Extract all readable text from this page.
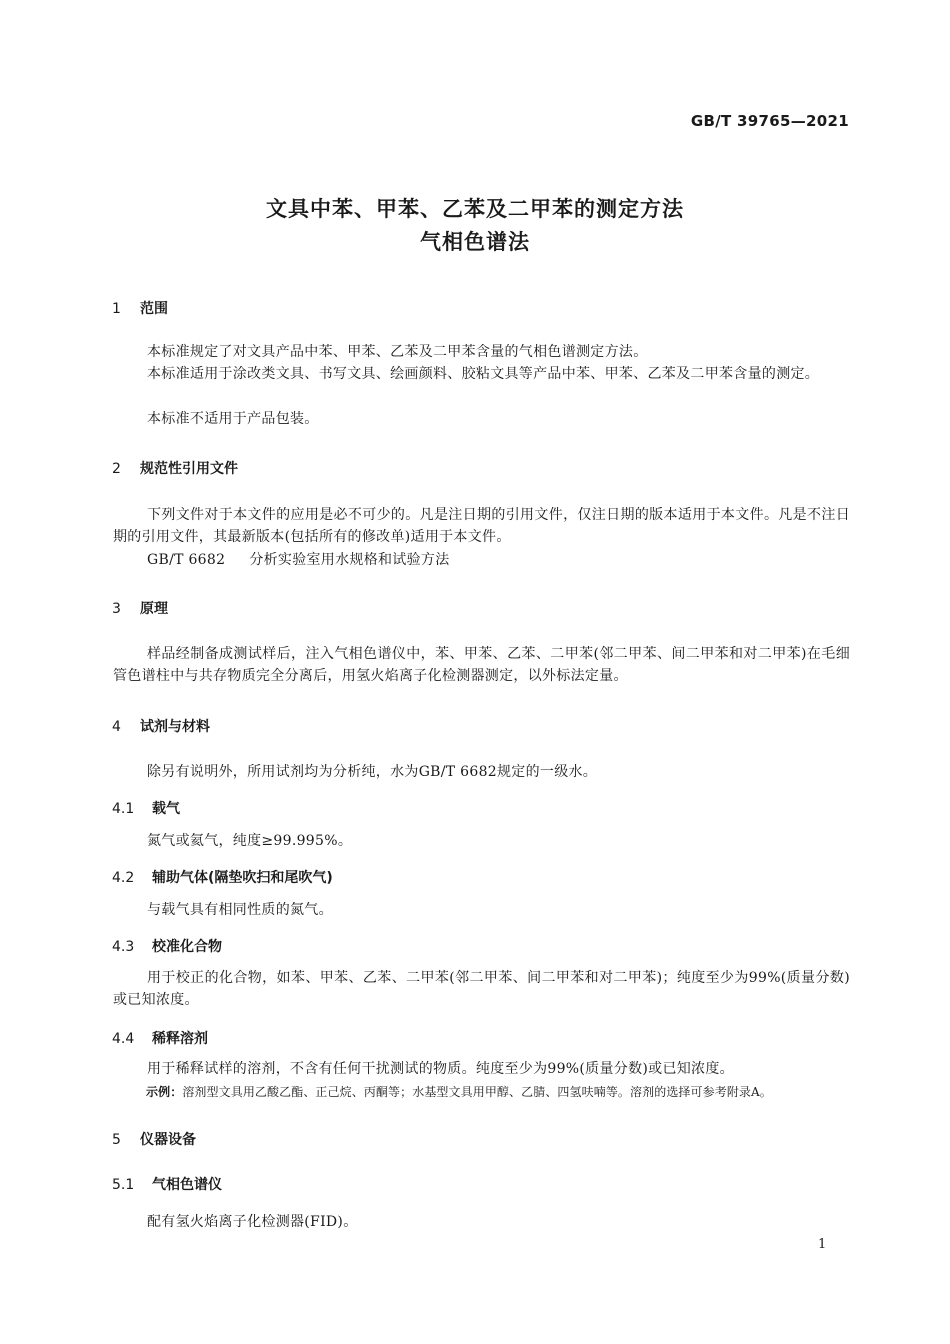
GB/T 39765—2021
文具中苯、甲苯、乙苯及二甲苯的测定方法
气相色谱法
1 范围
本标准规定了对文具产品中苯、甲苯、乙苯及二甲苯含量的气相色谱测定方法。
本标准适用于涂改类文具、书写文具、绘画颜料、胶粘文具等产品中苯、甲苯、乙苯及二甲苯含量的测定。
本标准不适用于产品包装。
2 规范性引用文件
下列文件对于本文件的应用是必不可少的。凡是注日期的引用文件，仅注日期的版本适用于本文件。凡是不注日期的引用文件，其最新版本(包括所有的修改单)适用于本文件。
GB/T 6682 分析实验室用水规格和试验方法
3 原理
样品经制备成测试样后，注入气相色谱仪中，苯、甲苯、乙苯、二甲苯(邻二甲苯、间二甲苯和对二甲苯)在毛细管色谱柱中与共存物质完全分离后，用氢火焰离子化检测器测定，以外标法定量。
4 试剂与材料
除另有说明外，所用试剂均为分析纯，水为GB/T 6682规定的一级水。
4.1 载气
氮气或氦气，纯度≥99.995%。
4.2 辅助气体(隔垫吹扫和尾吹气)
与载气具有相同性质的氮气。
4.3 校准化合物
用于校正的化合物，如苯、甲苯、乙苯、二甲苯(邻二甲苯、间二甲苯和对二甲苯)；纯度至少为99%(质量分数)或已知浓度。
4.4 稀释溶剂
用于稀释试样的溶剂，不含有任何干扰测试的物质。纯度至少为99%(质量分数)或已知浓度。
示例：溶剂型文具用乙酸乙酯、正己烷、丙酮等；水基型文具用甲醇、乙腈、四氢呋喃等。溶剂的选择可参考附录A。
5 仪器设备
5.1 气相色谱仪
配有氢火焰离子化检测器(FID)。
1
